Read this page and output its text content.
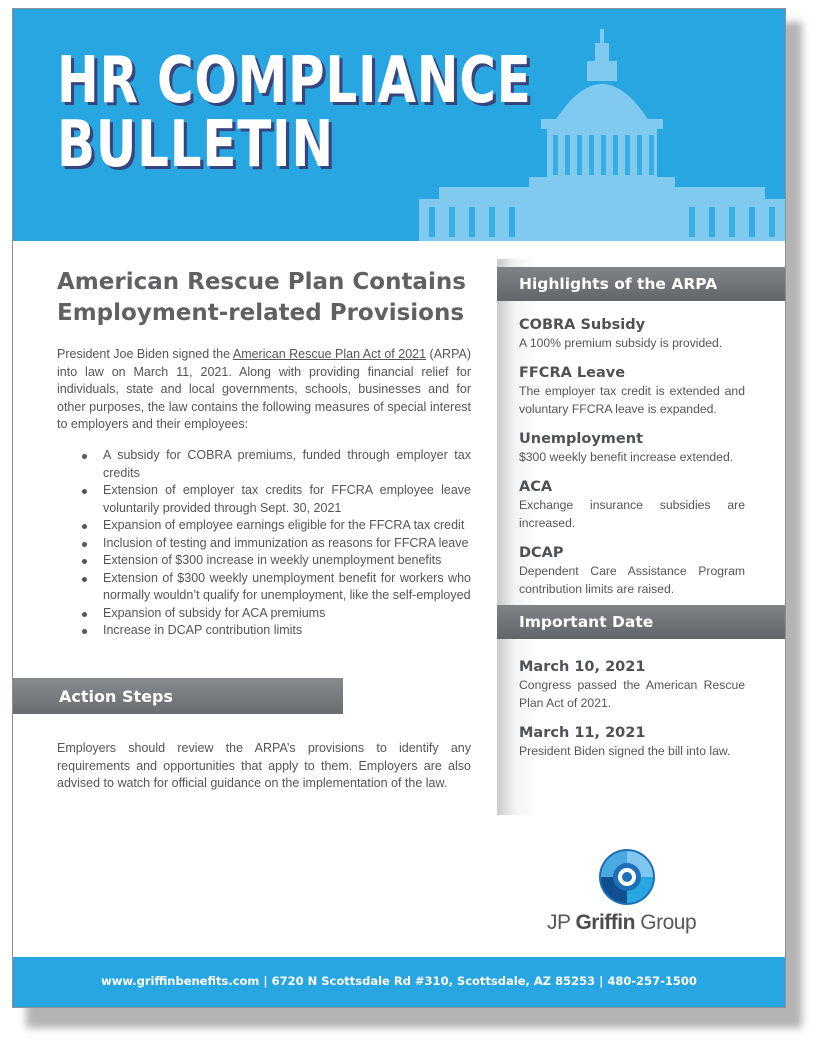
HR COMPLIANCE
BULLETIN
American Rescue Plan Contains Employment-related Provisions

President Joe Biden signed the American Rescue Plan Act of 2021 (ARPA) into law on March 11, 2021. Along with providing financial relief for individuals, state and local governments, schools, businesses and for other purposes, the law contains the following measures of special interest to employers and their employees:

A subsidy for COBRA premiums, funded through employer tax credits
Extension of employer tax credits for FFCRA employee leave voluntarily provided through Sept. 30, 2021
Expansion of employee earnings eligible for the FFCRA tax credit
Inclusion of testing and immunization as reasons for FFCRA leave
Extension of $300 increase in weekly unemployment benefits
Extension of $300 weekly unemployment benefit for workers who normally wouldn’t qualify for unemployment, like the self-employed
Expansion of subsidy for ACA premiums
Increase in DCAP contribution limits
Action Steps

Employers should review the ARPA’s provisions to identify any requirements and opportunities that apply to them. Employers are also advised to watch for official guidance on the implementation of the law.

Highlights of the ARPA
COBRA Subsidy

A 100% premium subsidy is provided.

FFCRA Leave

The employer tax credit is extended and voluntary FFCRA leave is expanded.

Unemployment

$300 weekly benefit increase extended.

ACA

Exchange insurance subsidies are increased.

DCAP

Dependent Care Assistance Program contribution limits are raised.

Important Date
March 10, 2021

Congress passed the American Rescue Plan Act of 2021.

March 11, 2021

President Biden signed the bill into law.

JP Griffin Group
www.griffinbenefits.com | 6720 N Scottsdale Rd #310, Scottsdale, AZ 85253 | 480-257-1500
